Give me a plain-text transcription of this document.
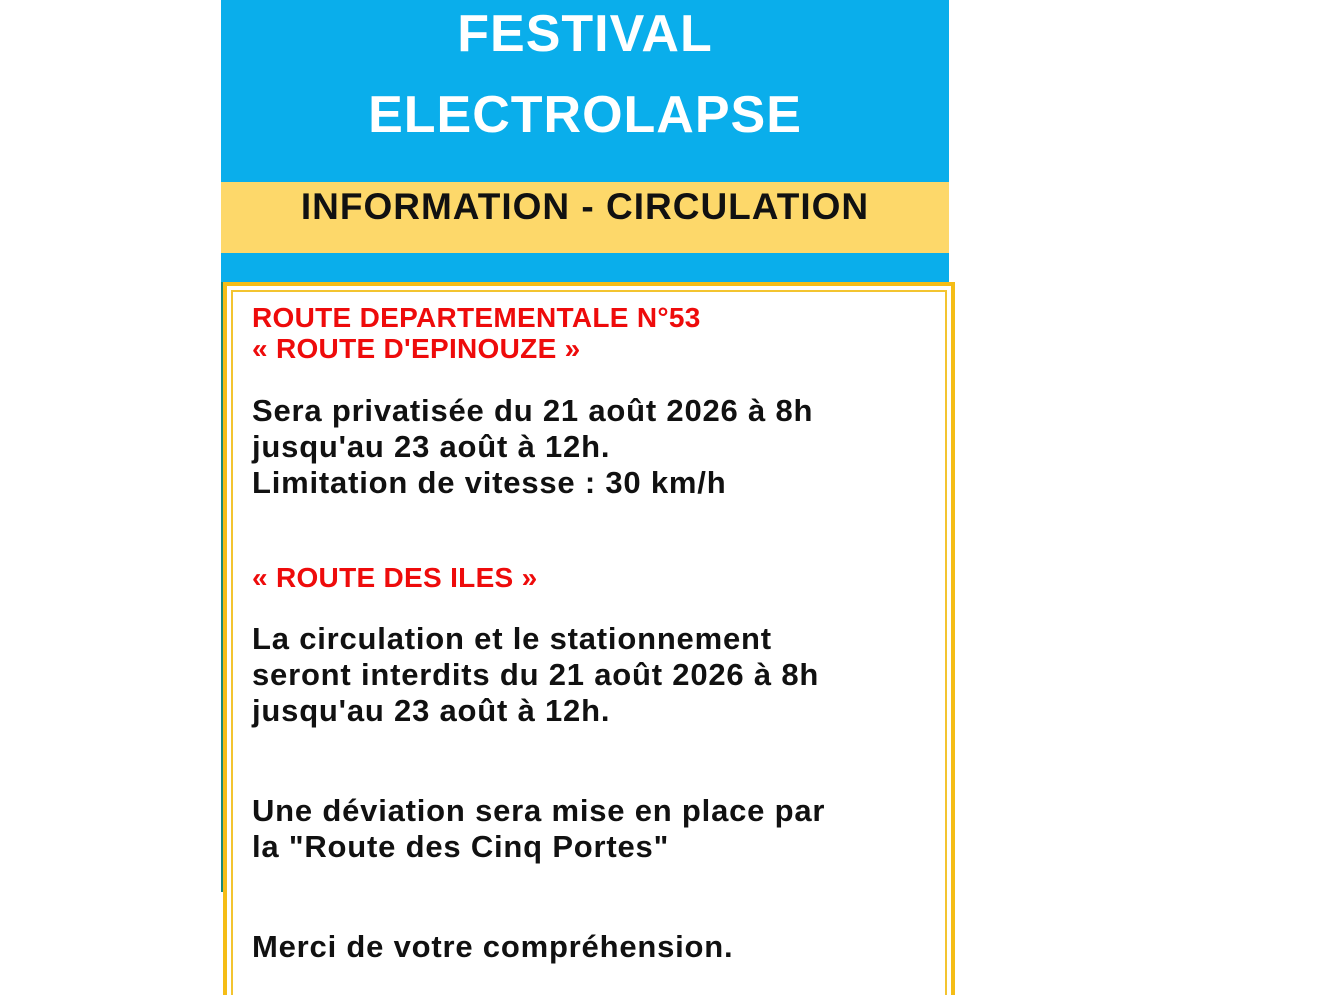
FESTIVAL
ELECTROLAPSE
INFORMATION - CIRCULATION
ROUTE DEPARTEMENTALE N°53
« ROUTE D'EPINOUZE »
Sera privatisée du 21 août 2026 à 8h
jusqu'au 23 août à 12h.
Limitation de vitesse : 30 km/h
« ROUTE DES ILES »
La circulation et le stationnement
seront interdits du 21 août 2026 à 8h
jusqu'au 23 août à 12h.
Une déviation sera mise en place par
la "Route des Cinq Portes"
Merci de votre compréhension.
